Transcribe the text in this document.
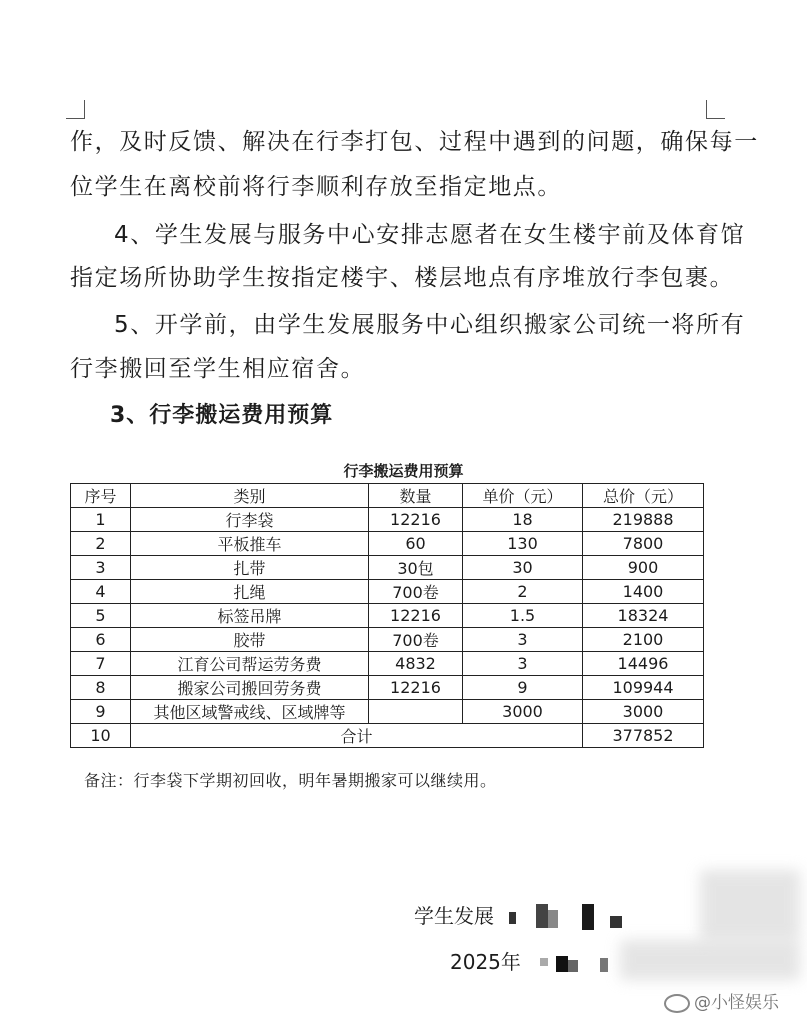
作，及时反馈、解决在行李打包、过程中遇到的问题，确保每一
位学生在离校前将行李顺利存放至指定地点。
4、学生发展与服务中心安排志愿者在女生楼宇前及体育馆
指定场所协助学生按指定楼宇、楼层地点有序堆放行李包裹。
5、开学前，由学生发展服务中心组织搬家公司统一将所有
行李搬回至学生相应宿舍。
3、行李搬运费用预算
行李搬运费用预算
序号	类别	数量	单价（元）	总价（元）
1	行李袋	12216	18	219888
2	平板推车	60	130	7800
3	扎带	30包	30	900
4	扎绳	700卷	2	1400
5	标签吊牌	12216	1.5	18324
6	胶带	700卷	3	2100
7	江育公司帮运劳务费	4832	3	14496
8	搬家公司搬回劳务费	12216	9	109944
9	其他区域警戒线、区域牌等		3000	3000
10	合计			377852
备注：行李袋下学期初回收，明年暑期搬家可以继续用。
学生发展
2025年
@小怪娱乐
